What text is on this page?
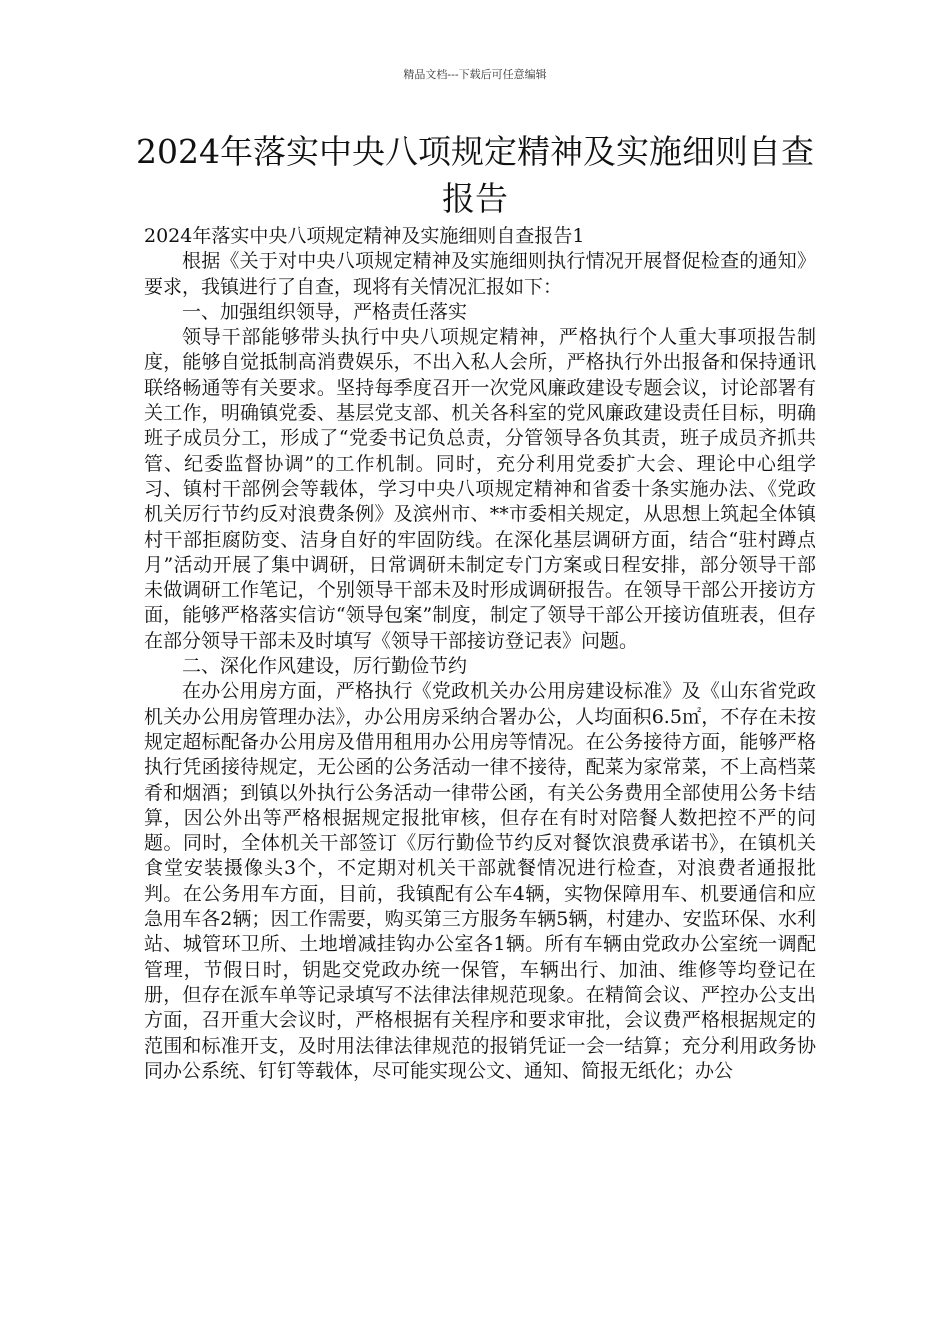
精品文档---下载后可任意编辑
2024年落实中央八项规定精神及实施细则自查报告

2024年落实中央八项规定精神及实施细则自查报告1

根据《关于对中央八项规定精神及实施细则执行情况开展督促检查的通知》要求，我镇进行了自查，现将有关情况汇报如下：

一、加强组织领导，严格责任落实

领导干部能够带头执行中央八项规定精神，严格执行个人重大事项报告制度，能够自觉抵制高消费娱乐，不出入私人会所，严格执行外出报备和保持通讯联络畅通等有关要求。坚持每季度召开一次党风廉政建设专题会议，讨论部署有关工作，明确镇党委、基层党支部、机关各科室的党风廉政建设责任目标，明确班子成员分工，形成了“党委书记负总责，分管领导各负其责，班子成员齐抓共管、纪委监督协调”的工作机制。同时，充分利用党委扩大会、理论中心组学习、镇村干部例会等载体，学习中央八项规定精神和省委十条实施办法、《党政机关厉行节约反对浪费条例》及滨州市、**市委相关规定，从思想上筑起全体镇村干部拒腐防变、洁身自好的牢固防线。在深化基层调研方面，结合“驻村蹲点月”活动开展了集中调研，日常调研未制定专门方案或日程安排，部分领导干部未做调研工作笔记，个别领导干部未及时形成调研报告。在领导干部公开接访方面，能够严格落实信访“领导包案”制度，制定了领导干部公开接访值班表，但存在部分领导干部未及时填写《领导干部接访登记表》问题。

二、深化作风建设，厉行勤俭节约

在办公用房方面，严格执行《党政机关办公用房建设标准》及《山东省党政机关办公用房管理办法》，办公用房采纳合署办公，人均面积6.5㎡，不存在未按规定超标配备办公用房及借用租用办公用房等情况。在公务接待方面，能够严格执行凭函接待规定，无公函的公务活动一律不接待，配菜为家常菜，不上高档菜肴和烟酒；到镇以外执行公务活动一律带公函，有关公务费用全部使用公务卡结算，因公外出等严格根据规定报批审核，但存在有时对陪餐人数把控不严的问题。同时，全体机关干部签订《厉行勤俭节约反对餐饮浪费承诺书》，在镇机关食堂安装摄像头3个，不定期对机关干部就餐情况进行检查，对浪费者通报批判。在公务用车方面，目前，我镇配有公车4辆，实物保障用车、机要通信和应急用车各2辆；因工作需要，购买第三方服务车辆5辆，村建办、安监环保、水利站、城管环卫所、土地增减挂钩办公室各1辆。所有车辆由党政办公室统一调配管理，节假日时，钥匙交党政办统一保管，车辆出行、加油、维修等均登记在册，但存在派车单等记录填写不法律法律规范现象。在精简会议、严控办公支出方面，召开重大会议时，严格根据有关程序和要求审批，会议费严格根据规定的范围和标准开支，及时用法律法律规范的报销凭证一会一结算；充分利用政务协同办公系统、钉钉等载体，尽可能实现公文、通知、简报无纸化；办公
